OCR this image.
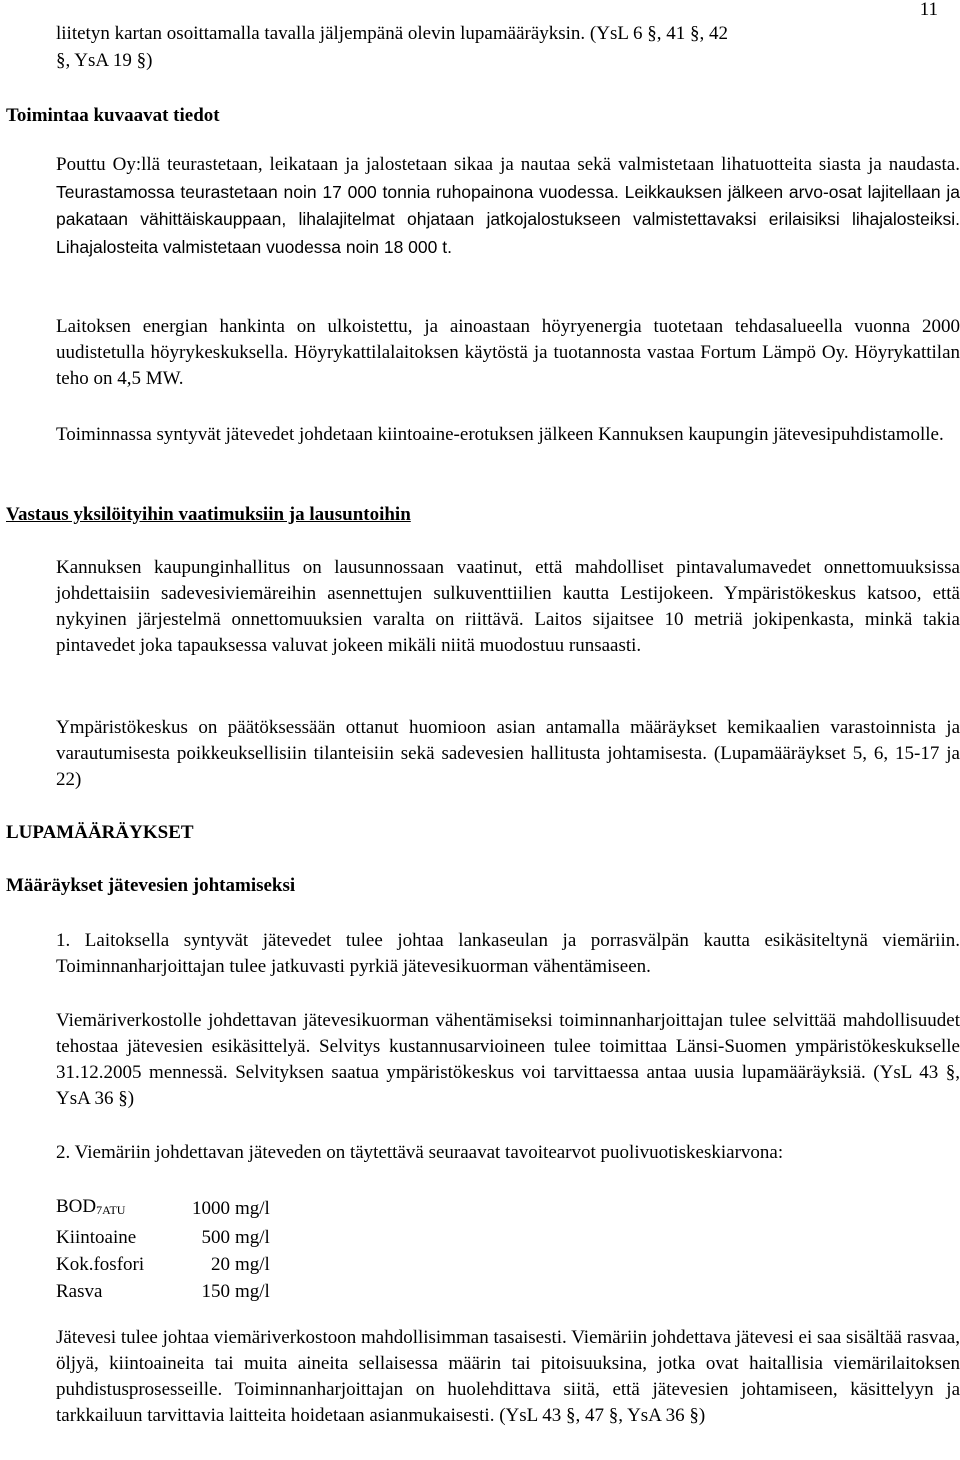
11
liitetyn kartan osoittamalla tavalla jäljempänä olevin lupamääräyksin. (YsL 6 §, 41 §, 42
§, YsA 19 §)
Toimintaa kuvaavat tiedot
Pouttu Oy:llä teurastetaan, leikataan ja jalostetaan sikaa ja nautaa sekä valmistetaan lihatuotteita siasta ja naudasta. Teurastamossa teurastetaan noin 17 000 tonnia ruhopainona vuodessa. Leikkauksen jälkeen arvo-osat lajitellaan ja pakataan vähittäiskauppaan, lihalajitelmat ohjataan jatkojalostukseen valmistettavaksi erilaisiksi lihajalosteiksi. Lihajalosteita valmistetaan vuodessa noin 18 000 t.
Laitoksen energian hankinta on ulkoistettu, ja ainoastaan höyryenergia tuotetaan tehdasalueella vuonna 2000 uudistetulla höyrykeskuksella. Höyrykattilalaitoksen käytöstä ja tuotannosta vastaa Fortum Lämpö Oy. Höyrykattilan teho on 4,5 MW.
Toiminnassa syntyvät jätevedet johdetaan kiintoaine-erotuksen jälkeen Kannuksen kaupungin jätevesipuhdistamolle.
Vastaus yksilöityihin vaatimuksiin ja lausuntoihin
Kannuksen kaupunginhallitus on lausunnossaan vaatinut, että mahdolliset pintavalumavedet onnettomuuksissa johdettaisiin sadevesiviemäreihin asennettujen sulkuventtiilien kautta Lestijokeen. Ympäristökeskus katsoo, että nykyinen järjestelmä onnettomuuksien varalta on riittävä. Laitos sijaitsee 10 metriä jokipenkasta, minkä takia pintavedet joka tapauksessa valuvat jokeen mikäli niitä muodostuu runsaasti.
Ympäristökeskus on päätöksessään ottanut huomioon asian antamalla määräykset kemikaalien varastoinnista ja varautumisesta poikkeuksellisiin tilanteisiin sekä sadevesien hallitusta johtamisesta. (Lupamääräykset 5, 6, 15-17 ja 22)
LUPAMÄÄRÄYKSET
Määräykset jätevesien johtamiseksi
1. Laitoksella syntyvät jätevedet tulee johtaa lankaseulan ja porrasvälpän kautta esikäsiteltynä viemäriin. Toiminnanharjoittajan tulee jatkuvasti pyrkiä jätevesikuorman vähentämiseen.
Viemäriverkostolle johdettavan jätevesikuorman vähentämiseksi toiminnanharjoittajan tulee selvittää mahdollisuudet tehostaa jätevesien esikäsittelyä. Selvitys kustannusarvioineen tulee toimittaa Länsi-Suomen ympäristökeskukselle 31.12.2005 mennessä. Selvityksen saatua ympäristökeskus voi tarvittaessa antaa uusia lupamääräyksiä. (YsL 43 §, YsA 36 §)
2. Viemäriin johdettavan jäteveden on täytettävä seuraavat tavoitearvot puolivuotiskeskiarvona:
$BOD_{7ATU}$	1000	mg/l
Kiintoaine	500	mg/l
Kok.fosfori	20	mg/l
Rasva	150	mg/l
Jätevesi tulee johtaa viemäriverkostoon mahdollisimman tasaisesti. Viemäriin johdettava jätevesi ei saa sisältää rasvaa, öljyä, kiintoaineita tai muita aineita sellaisessa määrin tai pitoisuuksina, jotka ovat haitallisia viemärilaitoksen puhdistusprosesseille. Toiminnanharjoittajan on huolehdittava siitä, että jätevesien johtamiseen, käsittelyyn ja tarkkailuun tarvittavia laitteita hoidetaan asianmukaisesti. (YsL 43 §, 47 §, YsA 36 §)
